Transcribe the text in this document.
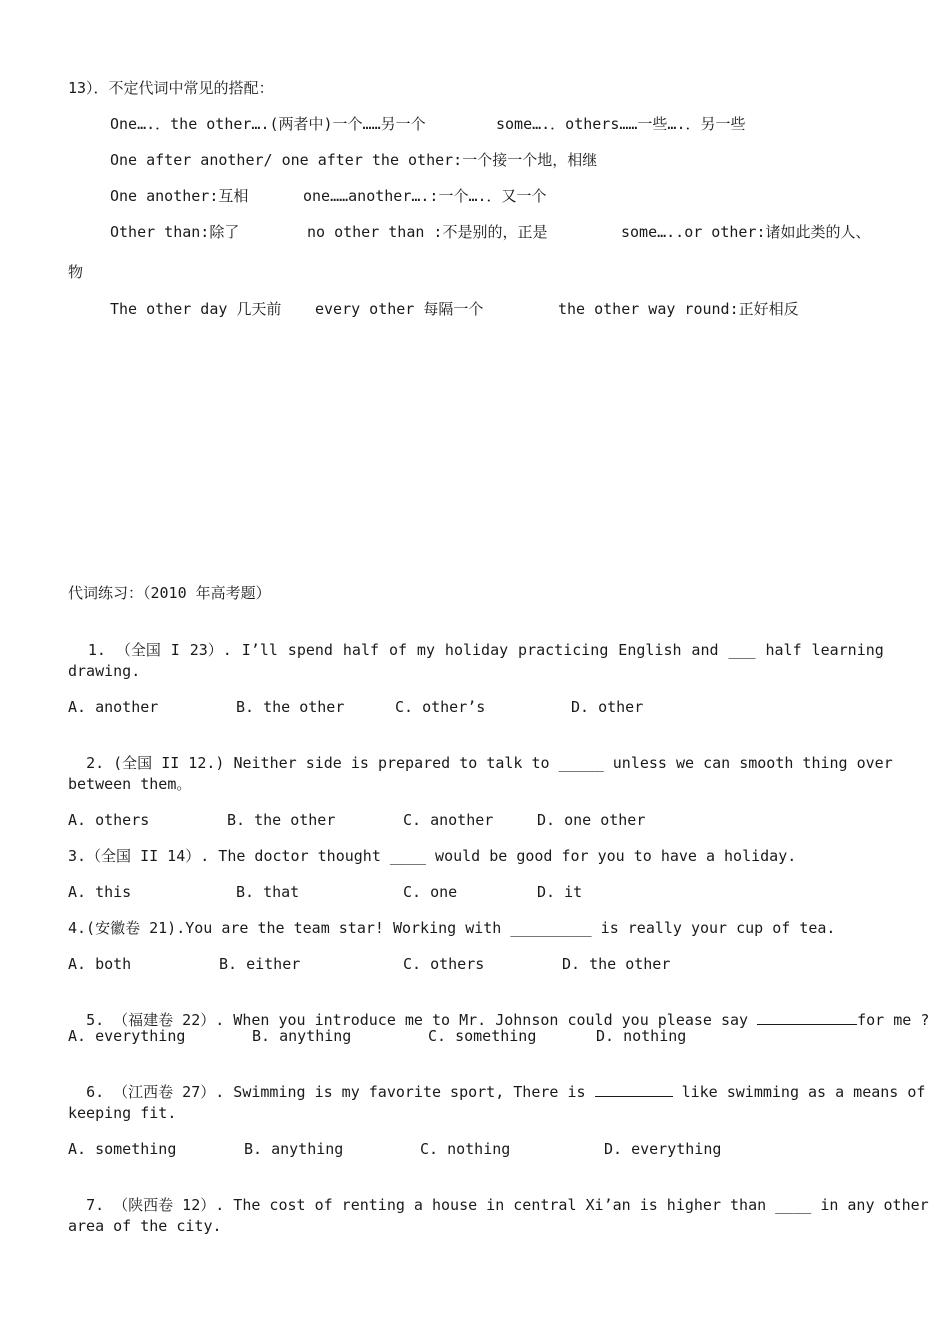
13）．不定代词中常见的搭配：
One….．the other….(两者中)一个……另一个	some….．others……一些….．另一些
One after another/ one after the other:一个接一个地，相继
One another:互相	one……another….:一个….．又一个
Other than:除了	no other than :不是别的，正是	some…..or other:诸如此类的人、
物
The other day 几天前 every other 每隔一个	the other way round:正好相反
代词练习：（2010 年高考题）

1. （全国 I 23）. I’ll spend half of my holiday practicing English and ___ half learning

drawing.
A. another	B. the other	C. other’s	D. other

2. (全国 II 12.) Neither side is prepared to talk to _____ unless we can smooth thing over

between them。
A. others	B. the other	C. another	D. one other
3.（全国 II 14）. The doctor thought ____ would be good for you to have a holiday.
A. this	B. that	C. one	D. it
4.(安徽卷 21).You are the team star! Working with _________ is really your cup of tea.
A. both	B. either	C. others	D. the other

5. （福建卷 22）. When you introduce me to Mr. Johnson could you please say	for me ?

A. everything	B. anything	C. something	D. nothing

6. （江西卷 27）. Swimming is my favorite sport, There is	like swimming as a means of

keeping fit.
A. something	B. anything	C. nothing	D. everything

7. （陕西卷 12）. The cost of renting a house in central Xi’an is higher than ____ in any other

area of the city.
